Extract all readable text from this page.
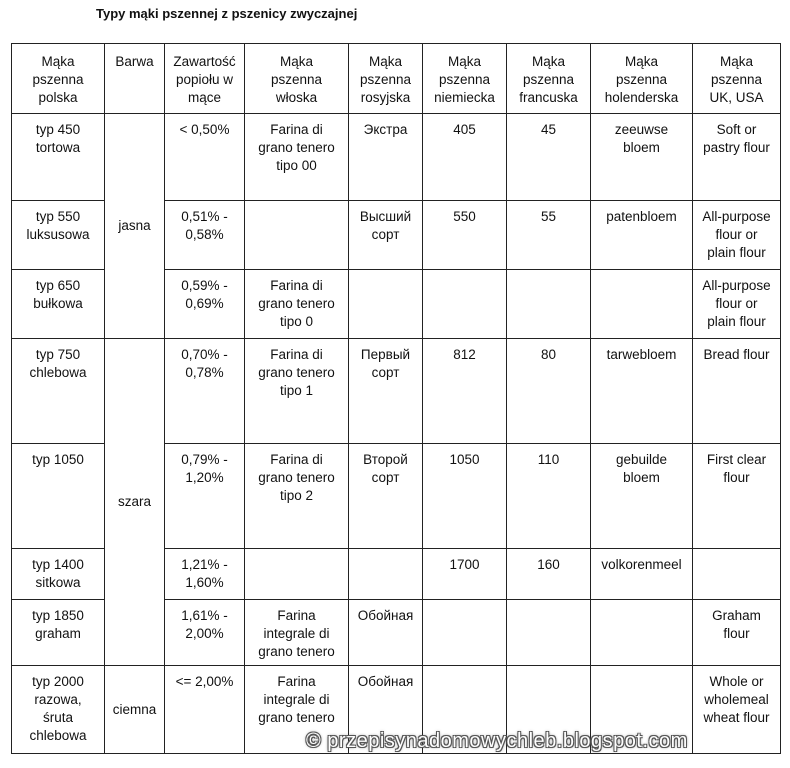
Typy mąki pszennej z pszenicy zwyczajnej
Mąka
pszenna
polska	Barwa	Zawartość
popiołu w
mące	Mąka
pszenna
włoska	Mąka
pszenna
rosyjska	Mąka
pszenna
niemiecka	Mąka
pszenna
francuska	Mąka
pszenna
holenderska	Mąka
pszenna
UK, USA

typ 450
tortowa	jasna	< 0,50%	Farina di
grano tenero
tipo 00	Экстра	405	45	zeeuwse
bloem	Soft or
pastry flour

typ 550
luksusowa		0,51% -
0,58%		Высший
сорт	550	55	patenbloem	All-purpose
flour or
plain flour

typ 650
bułkowa		0,59% -
0,69%	Farina di
grano tenero
tipo 0					All-purpose
flour or
plain flour

typ 750
chlebowa	szara	0,70% -
0,78%	Farina di
grano tenero
tipo 1	Первый
сорт	812	80	tarwebloem	Bread flour

typ 1050		0,79% -
1,20%	Farina di
grano tenero
tipo 2	Второй
сорт	1050	110	gebuilde
bloem	First clear
flour

typ 1400
sitkowa		1,21% -
1,60%			1700	160	volkorenmeel	

typ 1850
graham		1,61% -
2,00%	Farina
integrale di
grano tenero	Обойная				Graham
flour

typ 2000
razowa,
śruta
chlebowa	ciemna	<= 2,00%	Farina
integrale di
grano tenero	Обойная				Whole or
wholemeal
wheat flour
© przepisynadomowychleb.blogspot.com
